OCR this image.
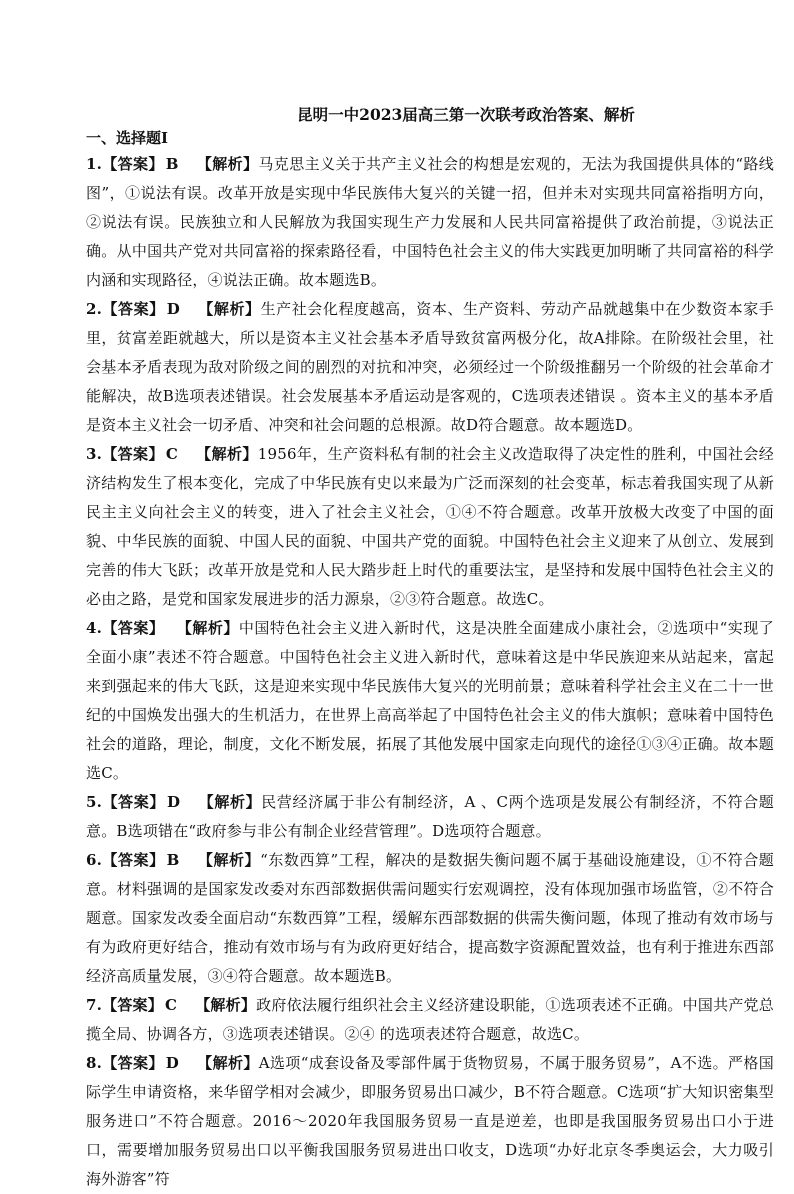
昆明一中2023届高三第一次联考政治答案、解析
一、选择题Ⅰ

1.【答案】 B 【解析】马克思主义关于共产主义社会的构想是宏观的，无法为我国提供具体的“路线图”，①说法有误。改革开放是实现中华民族伟大复兴的关键一招，但并未对实现共同富裕指明方向，②说法有误。民族独立和人民解放为我国实现生产力发展和人民共同富裕提供了政治前提，③说法正确。从中国共产党对共同富裕的探索路径看，中国特色社会主义的伟大实践更加明晰了共同富裕的科学内涵和实现路径，④说法正确。故本题选B。

2.【答案】 D 【解析】生产社会化程度越高，资本、生产资料、劳动产品就越集中在少数资本家手里，贫富差距就越大，所以是资本主义社会基本矛盾导致贫富两极分化，故A排除。在阶级社会里，社会基本矛盾表现为敌对阶级之间的剧烈的对抗和冲突，必须经过一个阶级推翻另一个阶级的社会革命才能解决，故B选项表述错误。社会发展基本矛盾运动是客观的，C选项表述错误 。资本主义的基本矛盾是资本主义社会一切矛盾、冲突和社会问题的总根源。故D符合题意。故本题选D。

3.【答案】 C 【解析】1956年，生产资料私有制的社会主义改造取得了决定性的胜利，中国社会经济结构发生了根本变化，完成了中华民族有史以来最为广泛而深刻的社会变革，标志着我国实现了从新民主主义向社会主义的转变，进入了社会主义社会，①④不符合题意。改革开放极大改变了中国的面貌、中华民族的面貌、中国人民的面貌、中国共产党的面貌。中国特色社会主义迎来了从创立、发展到完善的伟大飞跃；改革开放是党和人民大踏步赶上时代的重要法宝，是坚持和发展中国特色社会主义的必由之路，是党和国家发展进步的活力源泉，②③符合题意。故选C。

4.【答案】 【解析】中国特色社会主义进入新时代，这是决胜全面建成小康社会，②选项中“实现了全面小康”表述不符合题意。中国特色社会主义进入新时代，意味着这是中华民族迎来从站起来，富起来到强起来的伟大飞跃，这是迎来实现中华民族伟大复兴的光明前景；意味着科学社会主义在二十一世纪的中国焕发出强大的生机活力，在世界上高高举起了中国特色社会主义的伟大旗帜；意味着中国特色社会的道路，理论，制度，文化不断发展，拓展了其他发展中国家走向现代的途径①③④正确。故本题选C。

5.【答案】 D 【解析】民营经济属于非公有制经济，A 、C两个选项是发展公有制经济，不符合题意。B选项错在“政府参与非公有制企业经营管理”。D选项符合题意。

6.【答案】 B 【解析】“东数西算”工程，解决的是数据失衡问题不属于基础设施建设，①不符合题意。材料强调的是国家发改委对东西部数据供需问题实行宏观调控，没有体现加强市场监管，②不符合题意。国家发改委全面启动“东数西算”工程，缓解东西部数据的供需失衡问题，体现了推动有效市场与有为政府更好结合，推动有效市场与有为政府更好结合，提高数字资源配置效益，也有利于推进东西部经济高质量发展，③④符合题意。故本题选B。

7.【答案】 C 【解析】政府依法履行组织社会主义经济建设职能，①选项表述不正确。中国共产党总揽全局、协调各方，③选项表述错误。②④ 的选项表述符合题意，故选C。

8.【答案】 D 【解析】A选项“成套设备及零部件属于货物贸易，不属于服务贸易”，A不选。严格国际学生申请资格，来华留学相对会减少，即服务贸易出口减少，B不符合题意。C选项“扩大知识密集型服务进口”不符合题意。2016～2020年我国服务贸易一直是逆差，也即是我国服务贸易出口小于进口，需要增加服务贸易出口以平衡我国服务贸易进出口收支，D选项“办好北京冬季奥运会，大力吸引海外游客”符
